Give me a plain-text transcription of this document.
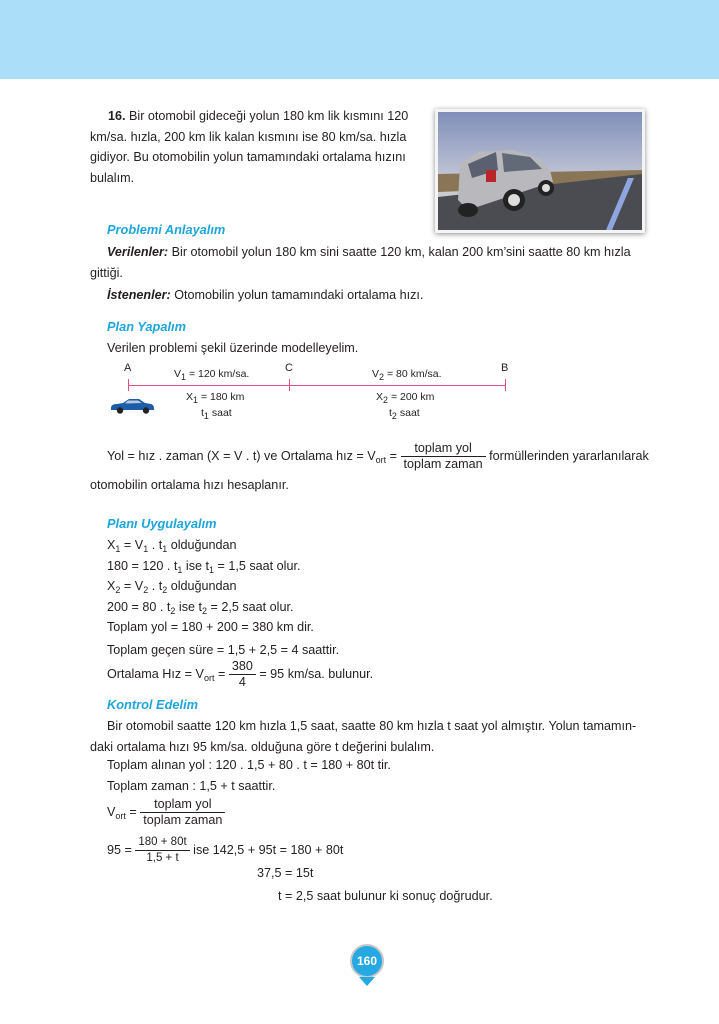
16. Bir otomobil gideceği yolun 180 km lik kısmını 120
km/sa. hızla, 200 km lik kalan kısmını ise 80 km/sa. hızla
gidiyor. Bu otomobilin yolun tamamındaki ortalama hızını
bulalım.
Problemi Anlayalım
Verilenler: Bir otomobil yolun 180 km sini saatte 120 km, kalan 200 km’sini saatte 80 km hızla
gittiği.
İstenenler: Otomobilin yolun tamamındaki ortalama hızı.
Plan Yapalım
Verilen problemi şekil üzerinde modelleyelim.
A	C	B
$V_1 = 120$ km/sa.	$V_2 = 80$ km/sa.
$X_1 = 180$ km	$X_2 = 200$ km
$t_1$ saat	$t_2$ saat
Yol = hız . zaman (X = V . t) ve Ortalama hız = $V_{ort} = \frac{\text{toplam yol}}{\text{toplam zaman}}$ formüllerinden yararlanılarak
otomobilin ortalama hızı hesaplanır.
Planı Uygulayalım
$X_1 = V_1$ . $t_1$ olduğundan
180 = 120 . $t_1$ ise $t_1 = 1,5$ saat olur.
$X_2 = V_2$ . $t_2$ olduğundan
200 = 80 . $t_2$ ise $t_2 = 2,5$ saat olur.
Toplam yol = 180 + 200 = 380 km dir.
Toplam geçen süre = 1,5 + 2,5 = 4 saattir.
Ortalama Hız = $V_{ort} = \frac{380}{4} = 95$ km/sa. bulunur.
Kontrol Edelim
Bir otomobil saatte 120 km hızla 1,5 saat, saatte 80 km hızla t saat yol almıştır. Yolun tamamın-
daki ortalama hızı 95 km/sa. olduğuna göre t değerini bulalım.
Toplam alınan yol : 120 . 1,5 + 80 . t = 180 + 80t tir.
Toplam zaman : 1,5 + t saattir.
$V_{ort} = \frac{\text{toplam yol}}{\text{toplam zaman}}$
$95 = \frac{180 + 80t}{1,5 + t}$ ise 142,5 + 95t = 180 + 80t
37,5 = 15t
t = 2,5 saat bulunur ki sonuç doğrudur.
160
